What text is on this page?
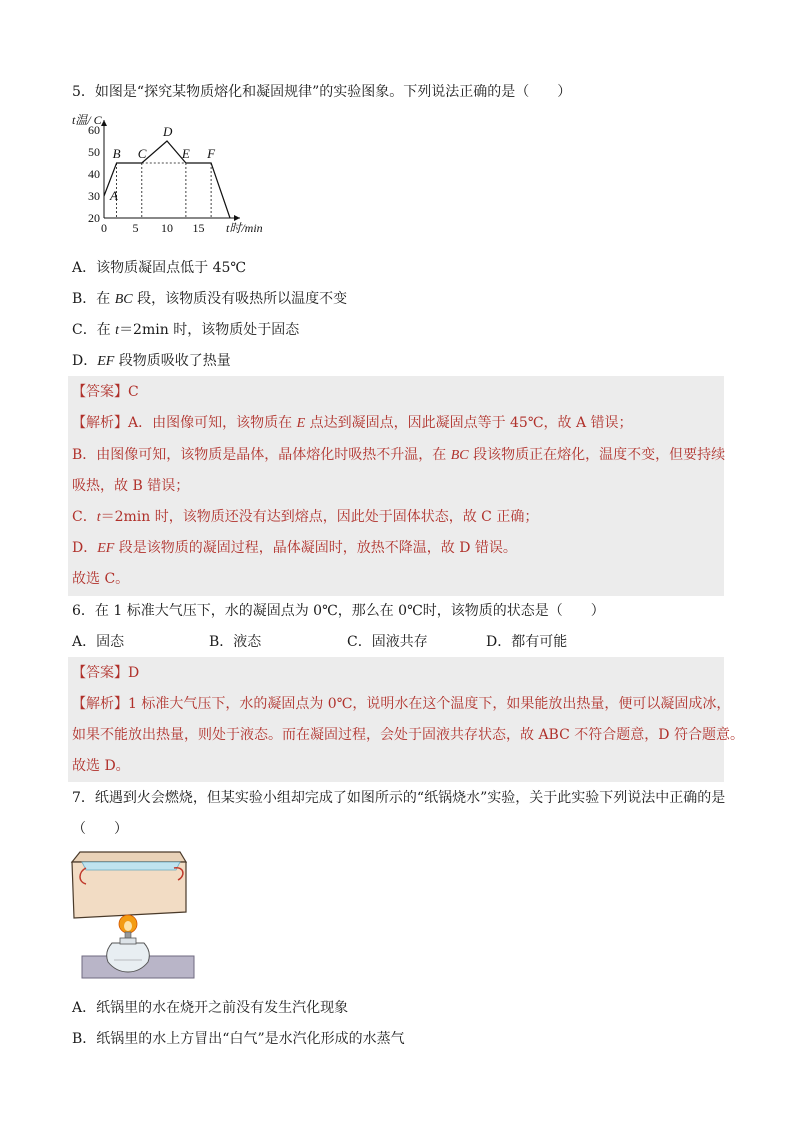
5．如图是“探究某物质熔化和凝固规律”的实验图象。下列说法正确的是（　　）
0 5 10 15
20
30
40
50
60
t温/ C
t时/min
A
B C
D
E F
A．该物质凝固点低于 45℃
B．在 BC 段，该物质没有吸热所以温度不变
C．在 t＝2min 时，该物质处于固态
D．EF 段物质吸收了热量
【答案】C
【解析】A．由图像可知，该物质在 E 点达到凝固点，因此凝固点等于 45℃，故 A 错误；
B．由图像可知，该物质是晶体，晶体熔化时吸热不升温，在 BC 段该物质正在熔化，温度不变，但要持续
吸热，故 B 错误；
C．t＝2min 时，该物质还没有达到熔点，因此处于固体状态，故 C 正确；
D．EF 段是该物质的凝固过程，晶体凝固时，放热不降温，故 D 错误。
故选 C。
6．在 1 标准大气压下，水的凝固点为 0℃，那么在 0℃时，该物质的状态是（　　）
A．固态	B．液态	C．固液共存	D．都有可能
【答案】D
【解析】1 标准大气压下，水的凝固点为 0℃，说明水在这个温度下，如果能放出热量，便可以凝固成冰，
如果不能放出热量，则处于液态。而在凝固过程，会处于固液共存状态，故 ABC 不符合题意，D 符合题意。
故选 D。
7．纸遇到火会燃烧，但某实验小组却完成了如图所示的“纸锅烧水”实验，关于此实验下列说法中正确的是
（　　）
A．纸锅里的水在烧开之前没有发生汽化现象
B．纸锅里的水上方冒出“白气”是水汽化形成的水蒸气
